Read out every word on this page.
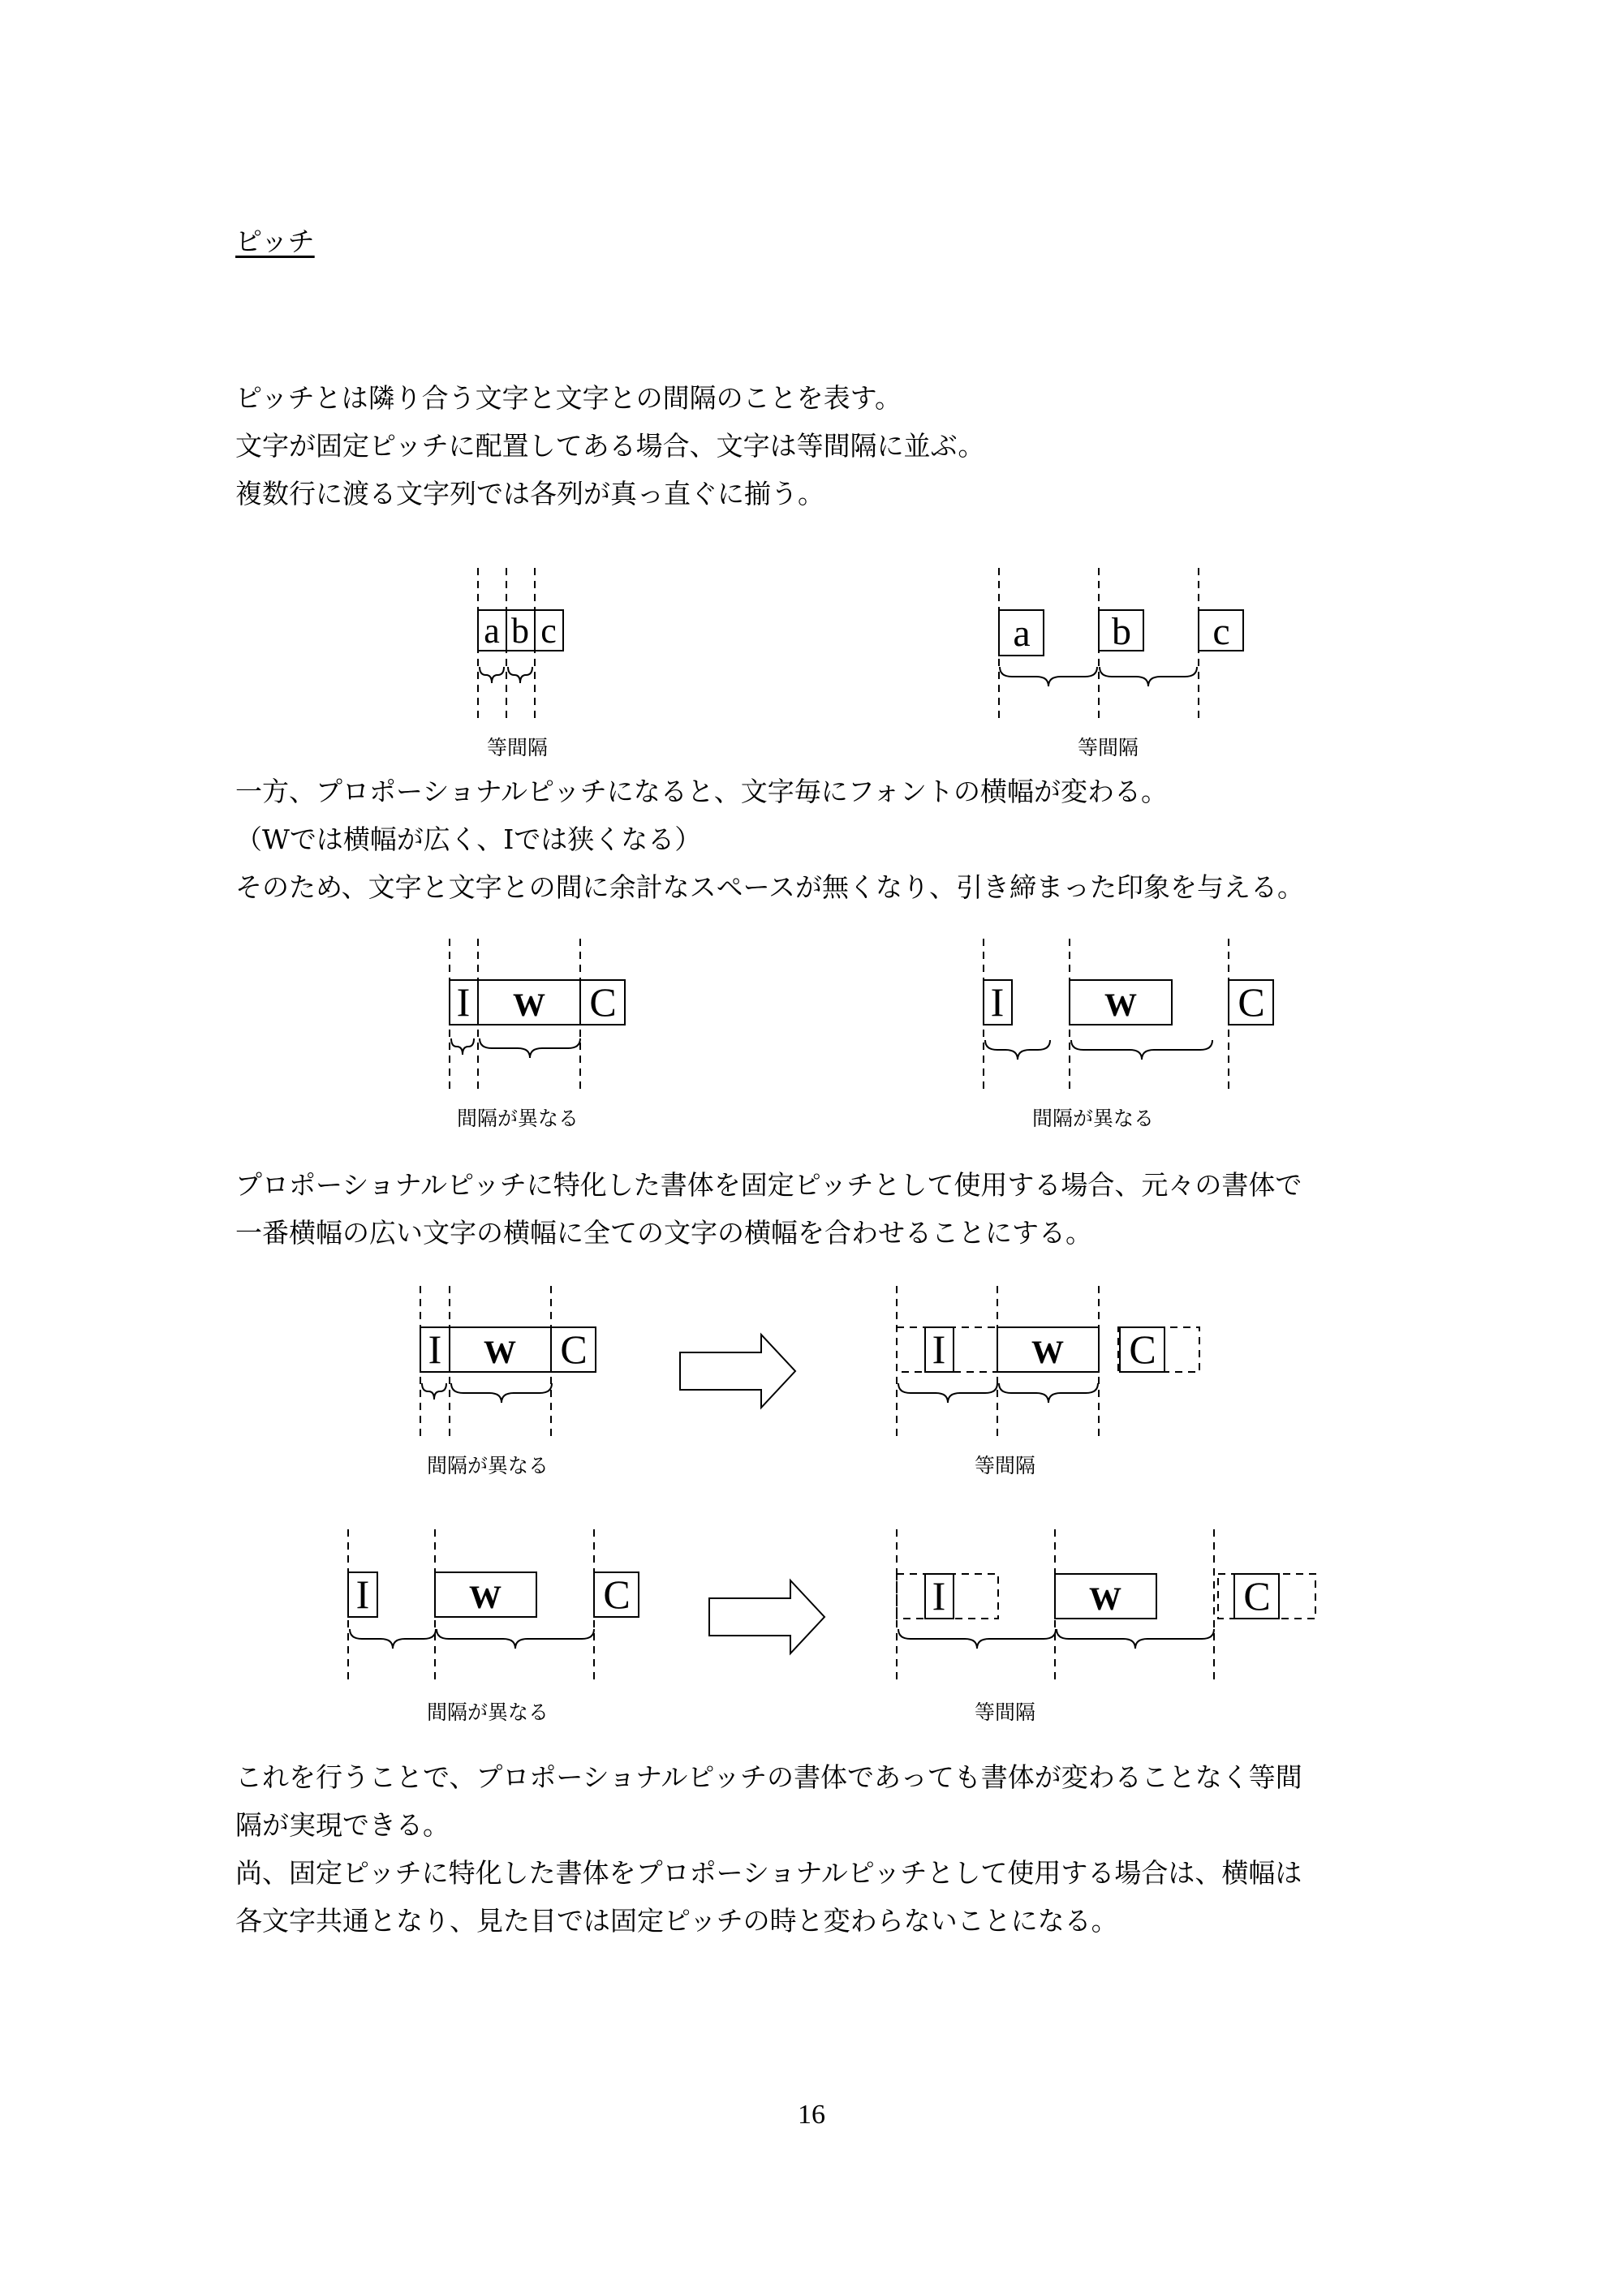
ピッチ
ピッチとは隣り合う文字と文字との間隔のことを表す。
文字が固定ピッチに配置してある場合、文字は等間隔に並ぶ。
複数行に渡る文字列では各列が真っ直ぐに揃う。
一方、プロポーショナルピッチになると、文字毎にフォントの横幅が変わる。
（Wでは横幅が広く、Iでは狭くなる）
そのため、文字と文字との間に余計なスペースが無くなり、引き締まった印象を与える。
プロポーショナルピッチに特化した書体を固定ピッチとして使用する場合、元々の書体で
一番横幅の広い文字の横幅に全ての文字の横幅を合わせることにする。
これを行うことで、プロポーショナルピッチの書体であっても書体が変わることなく等間
隔が実現できる。
尚、固定ピッチに特化した書体をプロポーショナルピッチとして使用する場合は、横幅は
各文字共通となり、見た目では固定ピッチの時と変わらないことになる。
等間隔	等間隔
間隔が異なる	間隔が異なる
間隔が異なる	等間隔
間隔が異なる	等間隔
16
a b c	a b c
I W C	I	W C
I W C	I	W C
I	W	C	I	W	C
